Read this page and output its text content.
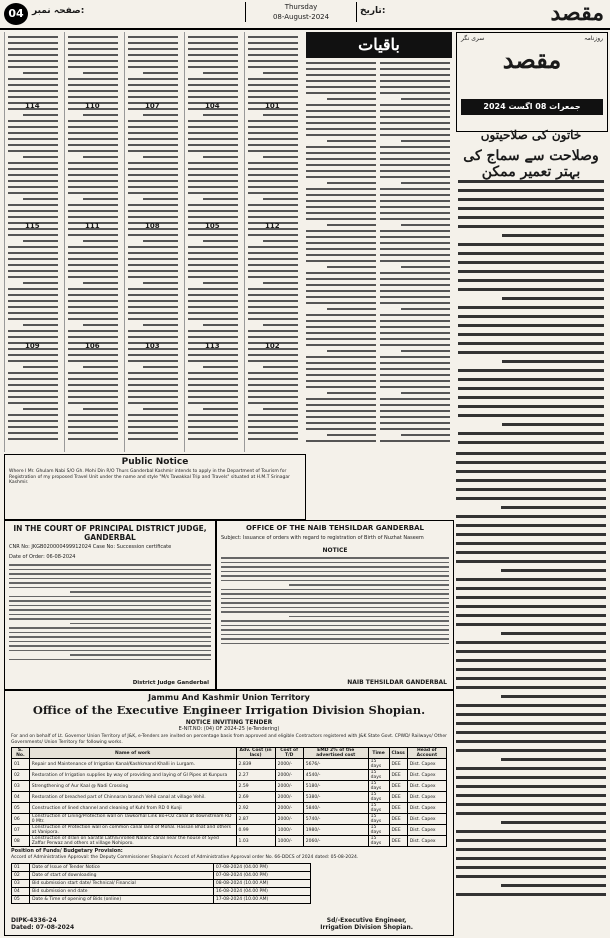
04 صفحہ نمبر:	Thursday
08-August-2024
تاریخ:	مقصد
114
115
109
110
111
106
107
108
103
104
105
113
101
112
102
باقیات	روزنامہ
سری نگر
مقصد
جمعرات 08 اگست 2024
خاتون کی صلاحیتوں
وصلاحت سے سماج کی بہتر تعمیر ممکن
Public Notice
Where I Mr. Ghulam Nabi S/O Gh. Mohi Din R/O Thurs Ganderbal Kashmir intends to apply in the Department of Tourism for Registration of my proposed Travel Unit under the name and style "M/s Tawakkal Trip and Travels" situated at H.M.T Srinagar Kashmir.
IN THE COURT OF PRINCIPAL DISTRICT JUDGE, GANDERBAL
CNR No: JKGB020000499912024 Case No: Succession certificate
Date of Order: 06-08-2024
District Judge Ganderbal
OFFICE OF THE NAIB TEHSILDAR GANDERBAL
Subject: Issuance of orders with regard to registration of Birth of Nuzhat Naseem
NOTICE
NAIB TEHSILDAR GANDERBAL
Jammu And Kashmir Union Territory
Office of the Executive Engineer Irrigation Division Shopian.
NOTICE INVITING TENDER
E-NIT.NO: (04) OF 2024-25 (e-Tendering)
For and on behalf of Lt. Governor Union Territory of J&K, e-Tenders are invited on percentage basis from approved and eligible Contractors registered with J&K State Govt. CPWD/ Railways/ Other Governments/ Union Territory for following works.
S. No.	Name of work	Adv. Cost (in lacs)	Cost of T/D	EMD 2% of the advertised cost	Time	Class	Head of Account
01	Repair and Maintenance of Irrigation Kanal/Kashkmand Khalli in Lurgam.	2.839	2000/-	5676/-	15 days	DEE	Dist. Capex
02	Restoration of Irrigation supplies by way of providing and laying of GI Pipes at Kunpura	2.27	2000/-	4540/-	15 days	DEE	Dist. Capex
03	Strengthening of Aur Kaal @ Nadi Crossing	2.59	2000/-	5180/-	15 days	DEE	Dist. Capex
04	Restoration of breached part of Chinnaran branch Vehil canal at village Vehil.	2.69	2000/-	5380/-	15 days	DEE	Dist. Capex
05	Construction of lined channel and cleaning of Kuhl from RD 0 Kunji	2.92	2000/-	5840/-	15 days	DEE	Dist. Capex
06	Construction of Lining/Protection wall on Tawkorhal Link Bo+O2 canal at downstream RD 0 Mtr.	2.87	2000/-	5740/-	15 days	DEE	Dist. Capex
07	Construction of Protection wall on common canal land of Mohal. Hassan Bhat and others at Vanipora.	0.99	1000/-	1980/-	15 days	DEE	Dist. Capex
08	Construction of drain on Sarafal Lath/Enrolled Nalanc canal near the house of Syed Zaffar Perwaz and others at village Nohiporo.	1.03	1000/-	2060/-	15 days	DEE	Dist. Capex
Position of Funds/ Budgetary Provision:
Accord of Administrative Approval: the Deputy Commissioner Shopian's Accord of Administrative Approval order No. 66-DDCS of 2024 dated: 05-08-2024.
01	Date of Issue of Tender Notice	07-08-2024 (04.00 PM)
02	Date of start of downloading	07-08-2024 (04.00 PM)
03	Bid submission start date/ Technical/ Financial	08-08-2024 (10.00 AM)
04	Bid submission end date	16-08-2024 (04.00 PM)
05	Date & Time of opening of Bids (online)	17-08-2024 (10.00 AM)
DIPK-4336-24
Dated: 07-08-2024
Sd/-Executive Engineer,
Irrigation Division Shopian.
